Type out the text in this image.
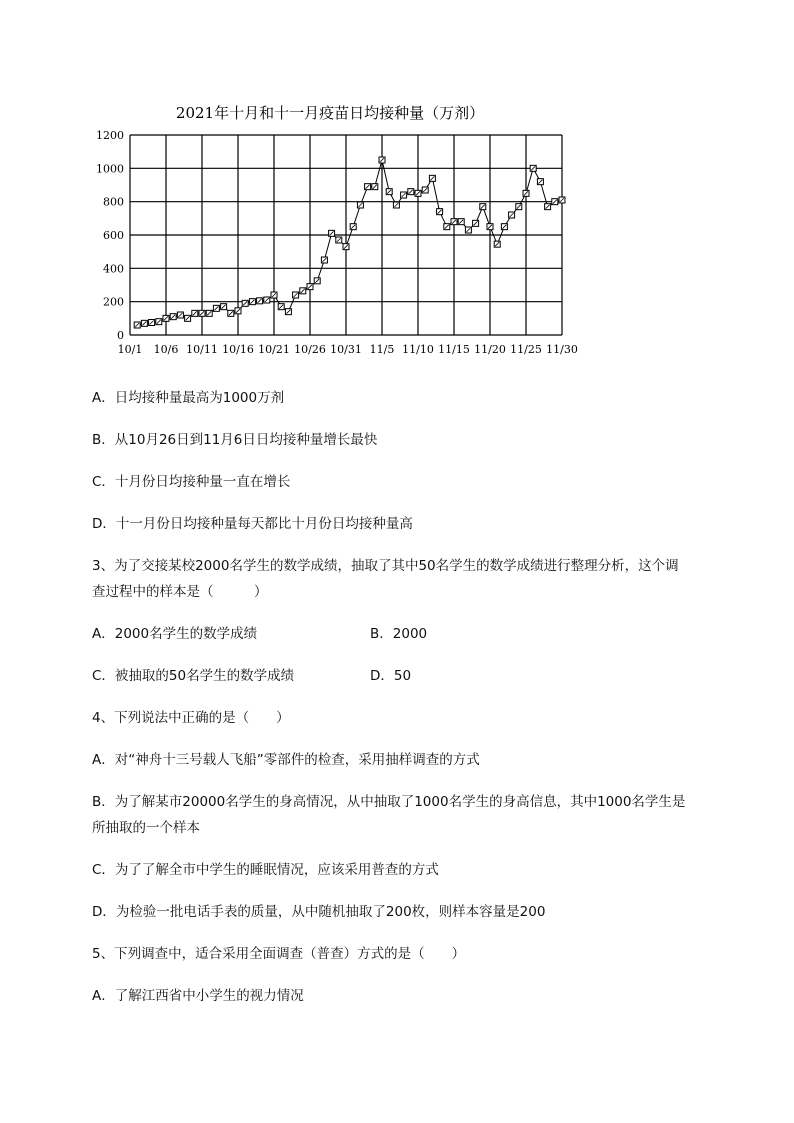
2021年十月和十一月疫苗日均接种量（万剂）
0
200
400
600
800
1000
1200
10/1 10/6 10/11 10/16 10/21 10/26 10/31 11/5 11/10 11/15 11/20 11/25 11/30
A．日均接种量最高为1000万剂
B．从10月26日到11月6日日均接种量增长最快
C．十月份日均接种量一直在增长
D．十一月份日均接种量每天都比十月份日均接种量高
3、为了交接某校2000名学生的数学成绩，抽取了其中50名学生的数学成绩进行整理分析，这个调
查过程中的样本是（　　　）
A．2000名学生的数学成绩	B．2000
C．被抽取的50名学生的数学成绩	D．50
4、下列说法中正确的是（　　）
A．对“神舟十三号载人飞船”零部件的检查，采用抽样调查的方式
B．为了解某市20000名学生的身高情况，从中抽取了1000名学生的身高信息，其中1000名学生是
所抽取的一个样本
C．为了了解全市中学生的睡眠情况，应该采用普查的方式
D．为检验一批电话手表的质量，从中随机抽取了200枚，则样本容量是200
5、下列调查中，适合采用全面调查（普查）方式的是（　　）
A．了解江西省中小学生的视力情况
